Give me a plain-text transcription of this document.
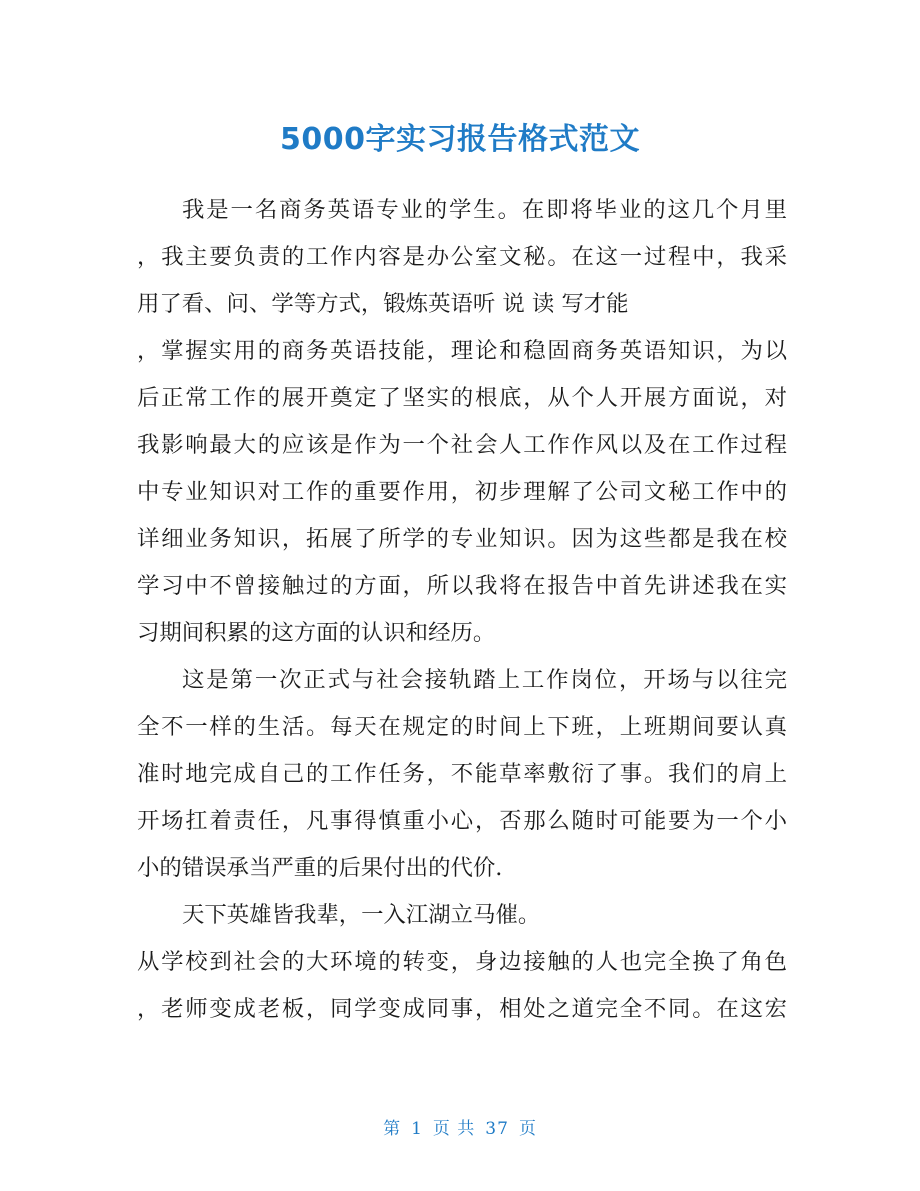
5000字实习报告格式范文
我是一名商务英语专业的学生。在即将毕业的这几个月里
，我主要负责的工作内容是办公室文秘。在这一过程中，我采
用了看、问、学等方式，锻炼英语听 说 读 写才能
，掌握实用的商务英语技能，理论和稳固商务英语知识，为以
后正常工作的展开奠定了坚实的根底，从个人开展方面说，对
我影响最大的应该是作为一个社会人工作作风以及在工作过程
中专业知识对工作的重要作用，初步理解了公司文秘工作中的
详细业务知识，拓展了所学的专业知识。因为这些都是我在校
学习中不曾接触过的方面，所以我将在报告中首先讲述我在实
习期间积累的这方面的认识和经历。
这是第一次正式与社会接轨踏上工作岗位，开场与以往完
全不一样的生活。每天在规定的时间上下班，上班期间要认真
准时地完成自己的工作任务，不能草率敷衍了事。我们的肩上
开场扛着责任，凡事得慎重小心，否那么随时可能要为一个小
小的错误承当严重的后果付出的代价.
天下英雄皆我辈，一入江湖立马催。
从学校到社会的大环境的转变，身边接触的人也完全换了角色
，老师变成老板，同学变成同事，相处之道完全不同。在这宏
第 1 页 共 37 页
